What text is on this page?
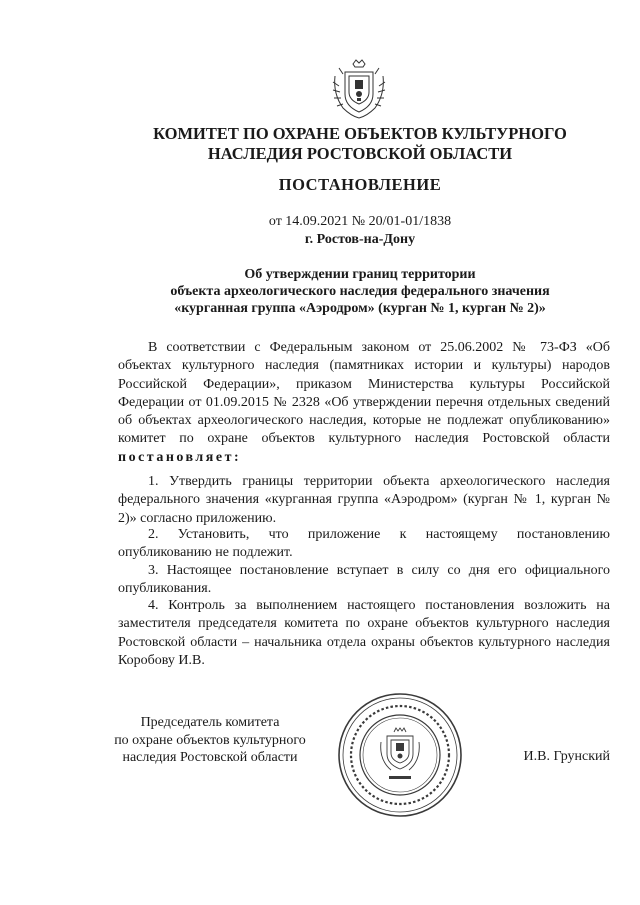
КОМИТЕТ ПО ОХРАНЕ ОБЪЕКТОВ КУЛЬТУРНОГО
НАСЛЕДИЯ РОСТОВСКОЙ ОБЛАСТИ
ПОСТАНОВЛЕНИЕ
от 14.09.2021 № 20/01-01/1838
г. Ростов-на-Дону
Об утверждении границ территории
объекта археологического наследия федерального значения
«курганная группа «Аэродром» (курган № 1, курган № 2)»

В соответствии с Федеральным законом от 25.06.2002 № 73-ФЗ «Об объектах культурного наследия (памятниках истории и культуры) народов Российской Федерации», приказом Министерства культуры Российской Федерации от 01.09.2015 № 2328 «Об утверждении перечня отдельных сведений об объектах археологического наследия, которые не подлежат опубликованию» комитет по охране объектов культурного наследия Ростовской области постановляет:

1. Утвердить границы территории объекта археологического наследия федерального значения «курганная группа «Аэродром» (курган № 1, курган № 2)» согласно приложению.

2. Установить, что приложение к настоящему постановлению опубликованию не подлежит.

3. Настоящее постановление вступает в силу со дня его официального опубликования.

4. Контроль за выполнением настоящего постановления возложить на заместителя председателя комитета по охране объектов культурного наследия Ростовской области – начальника отдела охраны объектов культурного наследия Коробову И.В.

Председатель комитета
по охране объектов культурного
наследия Ростовской области	И.В. Грунский
